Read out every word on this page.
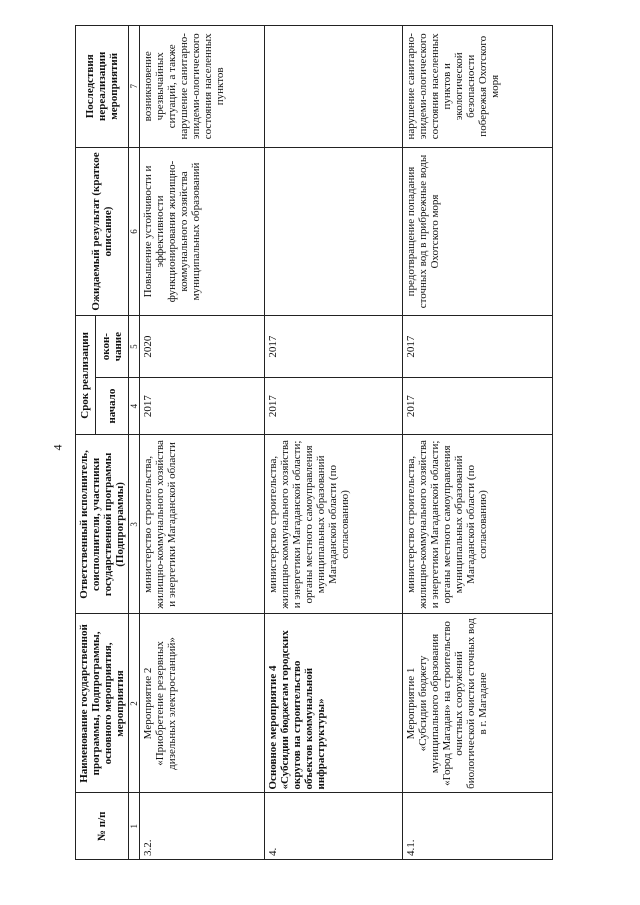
4
№ п/п	Наименование государственной программы, Подпрограммы, основного мероприятия, мероприятия	Ответственный исполнитель, соисполнители, участники государственной программы (Подпрограммы)	Срок реализации		Ожидаемый результат (краткое описание)	Последствия нереализации мероприятий
			начало	окон-чание		
1	2	3	4	5	6	7
3.2.	Мероприятие 2 «Приобретение резервных дизельных электростанций»	министерство строительства, жилищно-коммунального хозяйства и энергетики Магаданской области	2017	2020	Повышение устойчивости и эффективности функционирования жилищно-коммунального хозяйства муниципальных образований	возникновение чрезвычайных ситуаций, а также нарушение санитарно-эпидеми-ологического состояния населенных пунктов
4.	Основное мероприятие 4 «Субсидии бюджетам городских округов на строительство объектов коммунальной инфраструктуры»	министерство строительства, жилищно-коммунального хозяйства и энергетики Магаданской области; органы местного самоуправления муниципальных образований Магаданской области (по согласованию)	2017	2017		
4.1.	Мероприятие 1 «Субсидии бюджету муниципального образования «Город Магадан» на строительство очистных сооружений биологической очистки сточных вод в г. Магадане	министерство строительства, жилищно-коммунального хозяйства и энергетики Магаданской области; органы местного самоуправления муниципальных образований Магаданской области (по согласованию)	2017	2017	предотвращение попадания сточных вод в прибрежные воды Охотского моря	нарушение санитарно-эпидеми-ологического состояния населенных пунктов и экологической безопасности побережья Охотского моря
